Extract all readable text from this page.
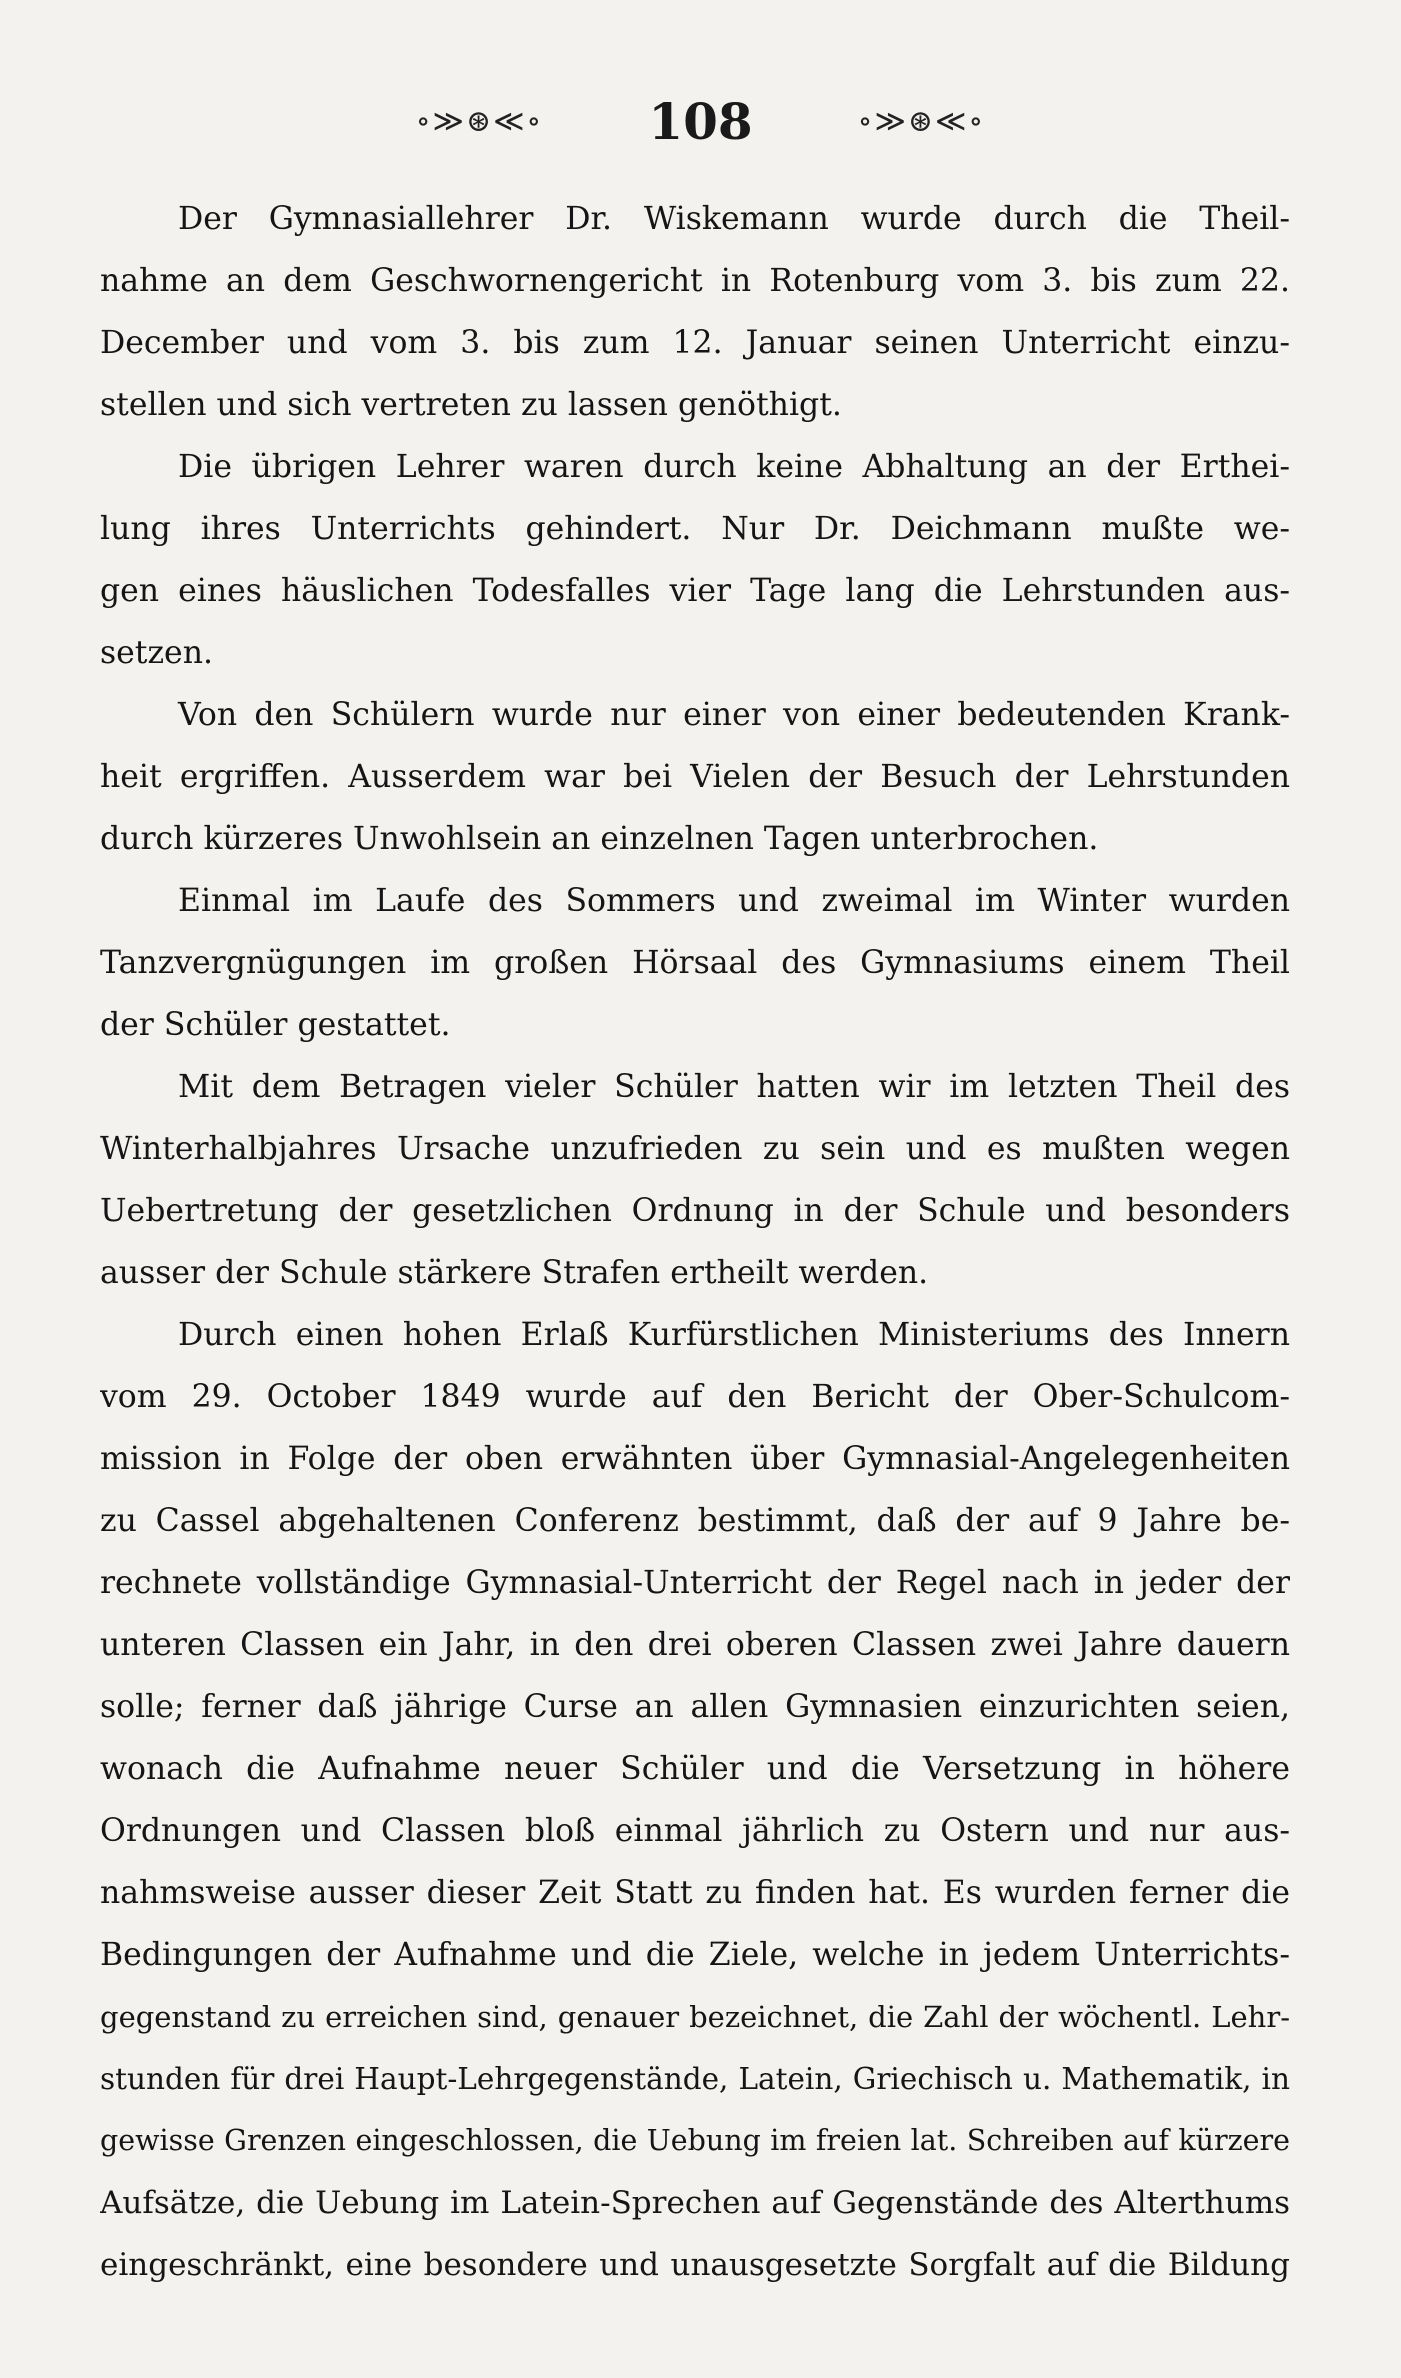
∘≫⊛≪∘ 108	∘≫⊛≪∘
Der Gymnasiallehrer Dr. Wiskemann wurde durch die Theil-
nahme an dem Geschwornengericht in Rotenburg vom 3. bis zum 22.
December und vom 3. bis zum 12. Januar seinen Unterricht einzu-
stellen und sich vertreten zu lassen genöthigt.
Die übrigen Lehrer waren durch keine Abhaltung an der Erthei-
lung ihres Unterrichts gehindert. Nur Dr. Deichmann mußte we-
gen eines häuslichen Todesfalles vier Tage lang die Lehrstunden aus-
setzen.
Von den Schülern wurde nur einer von einer bedeutenden Krank-
heit ergriffen. Ausserdem war bei Vielen der Besuch der Lehrstunden
durch kürzeres Unwohlsein an einzelnen Tagen unterbrochen.
Einmal im Laufe des Sommers und zweimal im Winter wurden
Tanzvergnügungen im großen Hörsaal des Gymnasiums einem Theil
der Schüler gestattet.
Mit dem Betragen vieler Schüler hatten wir im letzten Theil des
Winterhalbjahres Ursache unzufrieden zu sein und es mußten wegen
Uebertretung der gesetzlichen Ordnung in der Schule und besonders
ausser der Schule stärkere Strafen ertheilt werden.
Durch einen hohen Erlaß Kurfürstlichen Ministeriums des Innern
vom 29. October 1849 wurde auf den Bericht der Ober-Schulcom-
mission in Folge der oben erwähnten über Gymnasial-Angelegenheiten
zu Cassel abgehaltenen Conferenz bestimmt, daß der auf 9 Jahre be-
rechnete vollständige Gymnasial-Unterricht der Regel nach in jeder der
unteren Classen ein Jahr, in den drei oberen Classen zwei Jahre dauern
solle; ferner daß jährige Curse an allen Gymnasien einzurichten seien,
wonach die Aufnahme neuer Schüler und die Versetzung in höhere
Ordnungen und Classen bloß einmal jährlich zu Ostern und nur aus-
nahmsweise ausser dieser Zeit Statt zu finden hat. Es wurden ferner die
Bedingungen der Aufnahme und die Ziele, welche in jedem Unterrichts-
gegenstand zu erreichen sind, genauer bezeichnet, die Zahl der wöchentl. Lehr-
stunden für drei Haupt-Lehrgegenstände, Latein, Griechisch u. Mathematik, in
gewisse Grenzen eingeschlossen, die Uebung im freien lat. Schreiben auf kürzere
Aufsätze, die Uebung im Latein-Sprechen auf Gegenstände des Alterthums
eingeschränkt, eine besondere und unausgesetzte Sorgfalt auf die Bildung
